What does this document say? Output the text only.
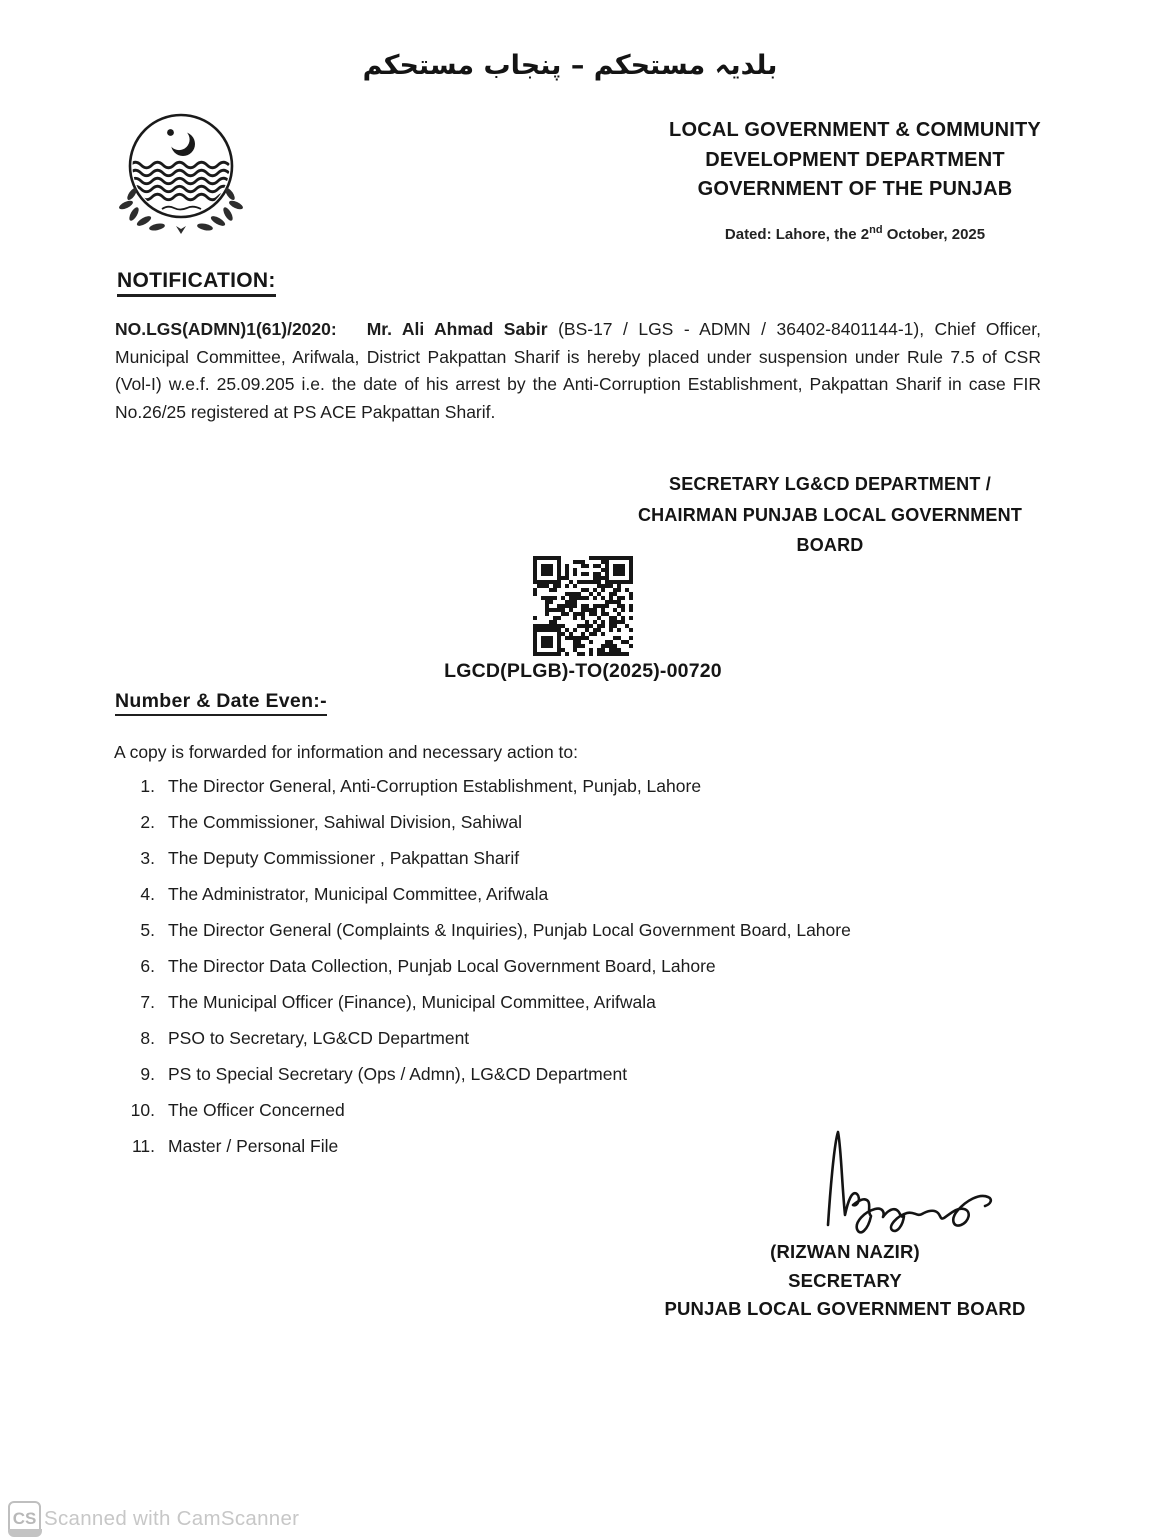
بلدیہ مستحکم – پنجاب مستحکم
LOCAL GOVERNMENT & COMMUNITY
DEVELOPMENT DEPARTMENT
GOVERNMENT OF THE PUNJAB
Dated: Lahore, the 2nd October, 2025
NOTIFICATION:
NO.LGS(ADMN)1(61)/2020: Mr. Ali Ahmad Sabir (BS-17 / LGS - ADMN / 36402-8401144-1), Chief Officer, Municipal Committee, Arifwala, District Pakpattan Sharif is hereby placed under suspension under Rule 7.5 of CSR (Vol-I) w.e.f. 25.09.205 i.e. the date of his arrest by the Anti-Corruption Establishment, Pakpattan Sharif in case FIR No.26/25 registered at PS ACE Pakpattan Sharif.
SECRETARY LG&CD DEPARTMENT /
CHAIRMAN PUNJAB LOCAL GOVERNMENT BOARD
LGCD(PLGB)-TO(2025)-00720
Number & Date Even:-
A copy is forwarded for information and necessary action to:
1. The Director General, Anti-Corruption Establishment, Punjab, Lahore
2. The Commissioner, Sahiwal Division, Sahiwal
3. The Deputy Commissioner , Pakpattan Sharif
4. The Administrator, Municipal Committee, Arifwala
5. The Director General (Complaints & Inquiries), Punjab Local Government Board, Lahore
6. The Director Data Collection, Punjab Local Government Board, Lahore
7. The Municipal Officer (Finance), Municipal Committee, Arifwala
8. PSO to Secretary, LG&CD Department
9. PS to Special Secretary (Ops / Admn), LG&CD Department
10. The Officer Concerned
11. Master / Personal File
(RIZWAN NAZIR)
SECRETARY
PUNJAB LOCAL GOVERNMENT BOARD
CS Scanned with CamScanner
